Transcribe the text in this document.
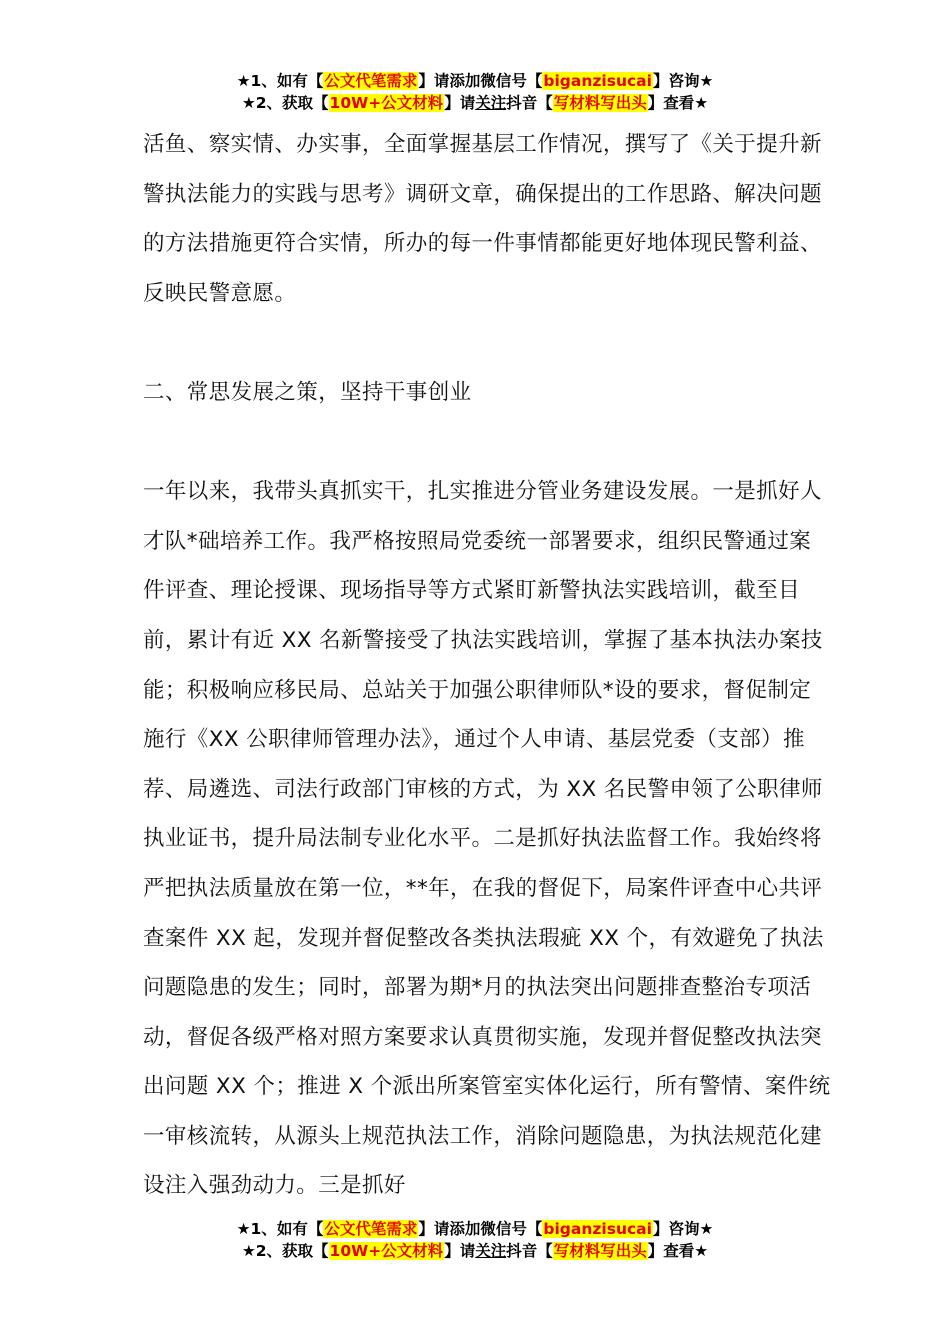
★1、如有【公文代笔需求】请添加微信号【biganzisucai】咨询★
★2、获取【10W+公文材料】请关注抖音【写材料写出头】查看★

活鱼、察实情、办实事，全面掌握基层工作情况，撰写了《关于提升新警执法能力的实践与思考》调研文章，确保提出的工作思路、解决问题的方法措施更符合实情，所办的每一件事情都能更好地体现民警利益、反映民警意愿。

二、常思发展之策，坚持干事创业

一年以来，我带头真抓实干，扎实推进分管业务建设发展。一是抓好人才队*础培养工作。我严格按照局党委统一部署要求，组织民警通过案件评查、理论授课、现场指导等方式紧盯新警执法实践培训，截至目前，累计有近 XX 名新警接受了执法实践培训，掌握了基本执法办案技能；积极响应移民局、总站关于加强公职律师队*设的要求，督促制定施行《XX 公职律师管理办法》，通过个人申请、基层党委（支部）推荐、局遴选、司法行政部门审核的方式，为 XX 名民警申领了公职律师执业证书，提升局法制专业化水平。二是抓好执法监督工作。我始终将严把执法质量放在第一位，**年，在我的督促下，局案件评查中心共评查案件 XX 起，发现并督促整改各类执法瑕疵 XX 个，有效避免了执法问题隐患的发生；同时，部署为期*月的执法突出问题排查整治专项活动，督促各级严格对照方案要求认真贯彻实施，发现并督促整改执法突出问题 XX 个；推进 X 个派出所案管室实体化运行，所有警情、案件统一审核流转，从源头上规范执法工作，消除问题隐患，为执法规范化建设注入强劲动力。三是抓好

★1、如有【公文代笔需求】请添加微信号【biganzisucai】咨询★
★2、获取【10W+公文材料】请关注抖音【写材料写出头】查看★
